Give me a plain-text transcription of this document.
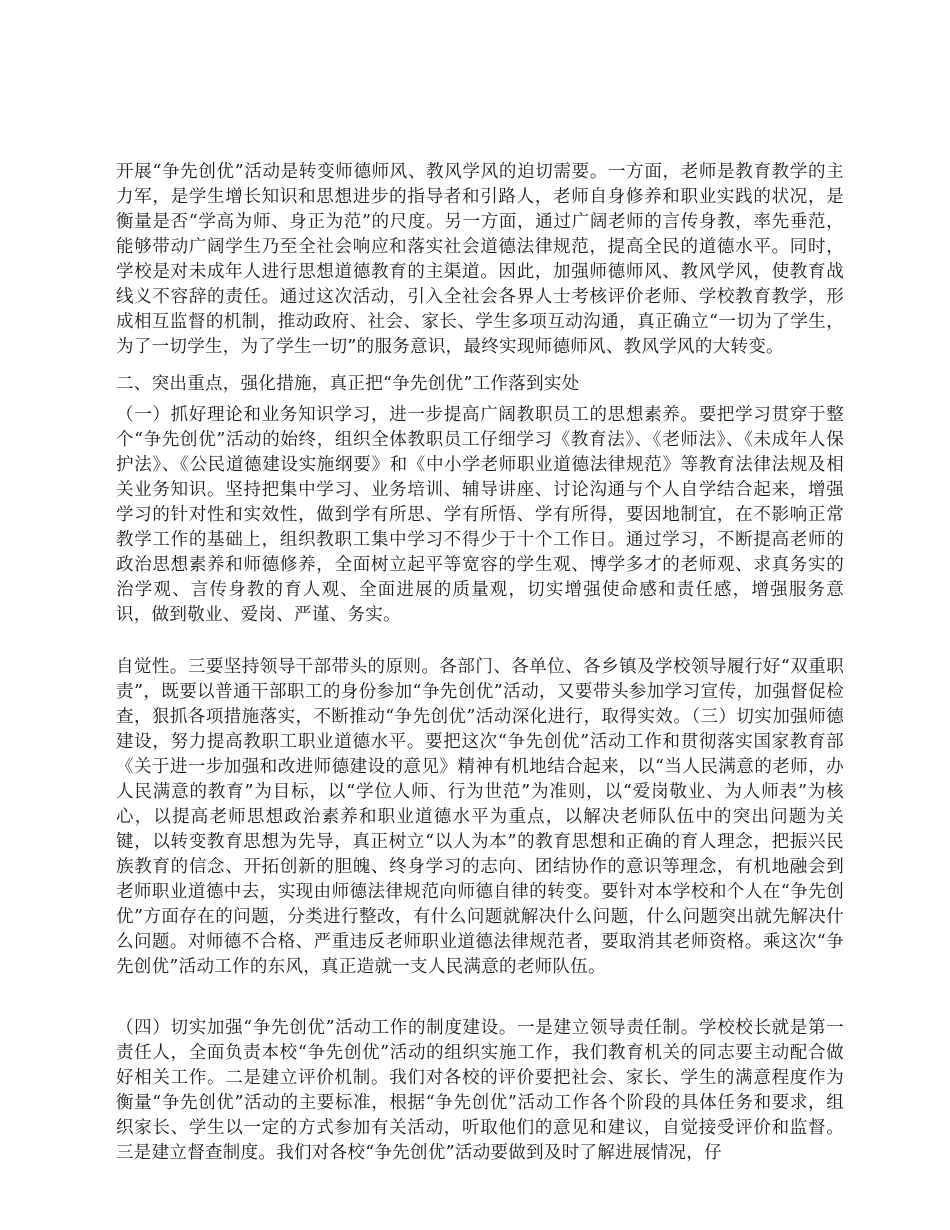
开展“争先创优”活动是转变师德师风、教风学风的迫切需要。一方面，老师是教育教学的主力军，是学生增长知识和思想进步的指导者和引路人，老师自身修养和职业实践的状况，是衡量是否“学高为师、身正为范”的尺度。另一方面，通过广阔老师的言传身教，率先垂范，能够带动广阔学生乃至全社会响应和落实社会道德法律规范，提高全民的道德水平。同时，学校是对未成年人进行思想道德教育的主渠道。因此，加强师德师风、教风学风，使教育战线义不容辞的责任。通过这次活动，引入全社会各界人士考核评价老师、学校教育教学，形成相互监督的机制，推动政府、社会、家长、学生多项互动沟通，真正确立“一切为了学生，为了一切学生，为了学生一切”的服务意识，最终实现师德师风、教风学风的大转变。

二、突出重点，强化措施，真正把“争先创优”工作落到实处

（一）抓好理论和业务知识学习，进一步提高广阔教职员工的思想素养。要把学习贯穿于整个“争先创优”活动的始终，组织全体教职员工仔细学习《教育法》、《老师法》、《未成年人保护法》、《公民道德建设实施纲要》和《中小学老师职业道德法律规范》等教育法律法规及相关业务知识。坚持把集中学习、业务培训、辅导讲座、讨论沟通与个人自学结合起来，增强学习的针对性和实效性，做到学有所思、学有所悟、学有所得，要因地制宜，在不影响正常教学工作的基础上，组织教职工集中学习不得少于十个工作日。通过学习，不断提高老师的政治思想素养和师德修养，全面树立起平等宽容的学生观、博学多才的老师观、求真务实的治学观、言传身教的育人观、全面进展的质量观，切实增强使命感和责任感，增强服务意识，做到敬业、爱岗、严谨、务实。

自觉性。三要坚持领导干部带头的原则。各部门、各单位、各乡镇及学校领导履行好“双重职责”，既要以普通干部职工的身份参加“争先创优”活动，又要带头参加学习宣传，加强督促检查，狠抓各项措施落实，不断推动“争先创优”活动深化进行，取得实效。（三）切实加强师德建设，努力提高教职工职业道德水平。要把这次“争先创优”活动工作和贯彻落实国家教育部《关于进一步加强和改进师德建设的意见》精神有机地结合起来，以“当人民满意的老师，办人民满意的教育”为目标，以“学位人师、行为世范”为准则，以“爱岗敬业、为人师表”为核心，以提高老师思想政治素养和职业道德水平为重点，以解决老师队伍中的突出问题为关键，以转变教育思想为先导，真正树立“以人为本”的教育思想和正确的育人理念，把振兴民族教育的信念、开拓创新的胆魄、终身学习的志向、团结协作的意识等理念，有机地融会到老师职业道德中去，实现由师德法律规范向师德自律的转变。要针对本学校和个人在“争先创优”方面存在的问题，分类进行整改，有什么问题就解决什么问题，什么问题突出就先解决什么问题。对师德不合格、严重违反老师职业道德法律规范者，要取消其老师资格。乘这次“争先创优”活动工作的东风，真正造就一支人民满意的老师队伍。

（四）切实加强“争先创优”活动工作的制度建设。一是建立领导责任制。学校校长就是第一责任人，全面负责本校“争先创优”活动的组织实施工作，我们教育机关的同志要主动配合做好相关工作。二是建立评价机制。我们对各校的评价要把社会、家长、学生的满意程度作为衡量“争先创优”活动的主要标准，根据“争先创优”活动工作各个阶段的具体任务和要求，组织家长、学生以一定的方式参加有关活动，听取他们的意见和建议，自觉接受评价和监督。三是建立督查制度。我们对各校“争先创优”活动要做到及时了解进展情况，仔
